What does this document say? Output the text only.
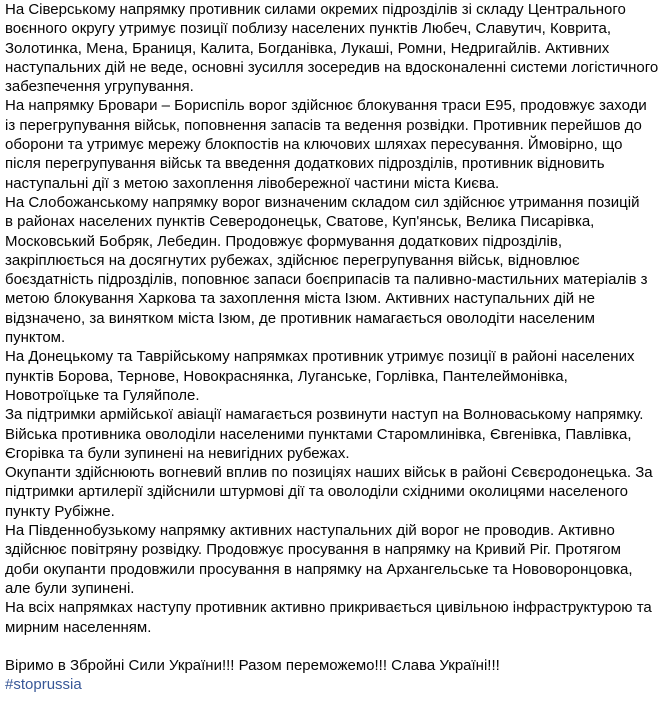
На Сіверському напрямку противник силами окремих підрозділів зі складу Центрального
воєнного округу утримує позиції поблизу населених пунктів Любеч, Славутич, Коврита,
Золотинка, Мена, Браниця, Калита, Богданівка, Лукаші, Ромни, Недригайлів. Активних
наступальних дій не веде, основні зусилля зосередив на вдосконаленні системи логістичного
забезпечення угрупування.
На напрямку Бровари – Бориспіль ворог здійснює блокування траси Е95, продовжує заходи
із перегрупування військ, поповнення запасів та ведення розвідки. Противник перейшов до
оборони та утримує мережу блокпостів на ключових шляхах пересування. Ймовірно, що
після перегрупування військ та введення додаткових підрозділів, противник відновить
наступальні дії з метою захоплення лівобережної частини міста Києва.
На Слобожанському напрямку ворог визначеним складом сил здійснює утримання позицій
в районах населених пунктів Северодонецьк, Сватове, Куп'янськ, Велика Писарівка,
Московський Бобряк, Лебедин. Продовжує формування додаткових підрозділів,
закріплюється на досягнутих рубежах, здійснює перегрупування військ, відновлює
боєздатність підрозділів, поповнює запаси боєприпасів та паливно-мастильних матеріалів з
метою блокування Харкова та захоплення міста Ізюм. Активних наступальних дій не
відзначено, за винятком міста Ізюм, де противник намагається оволодіти населеним
пунктом.
На Донецькому та Таврійському напрямках противник утримує позиції в районі населених
пунктів Борова, Тернове, Новокраснянка, Луганське, Горлівка, Пантелеймонівка,
Новотроїцьке та Гуляйполе.
За підтримки армійської авіації намагається розвинути наступ на Волноваському напрямку.
Війська противника оволоділи населеними пунктами Старомлинівка, Євгенівка, Павлівка,
Єгорівка та були зупинені на невигідних рубежах.
Окупанти здійснюють вогневий вплив по позиціях наших військ в районі Сєвєродонецька. За
підтримки артилерії здійснили штурмові дії та оволоділи східними околицями населеного
пункту Рубіжне.
На Південнобузькому напрямку активних наступальних дій ворог не проводив. Активно
здійснює повітряну розвідку. Продовжує просування в напрямку на Кривий Ріг. Протягом
доби окупанти продовжили просування в напрямку на Архангельське та Нововоронцовка,
але були зупинені.
На всіх напрямках наступу противник активно прикривається цивільною інфраструктурою та
мирним населенням.
Віримо в Збройні Сили України!!! Разом переможемо!!! Слава Україні!!!
#stoprussia
